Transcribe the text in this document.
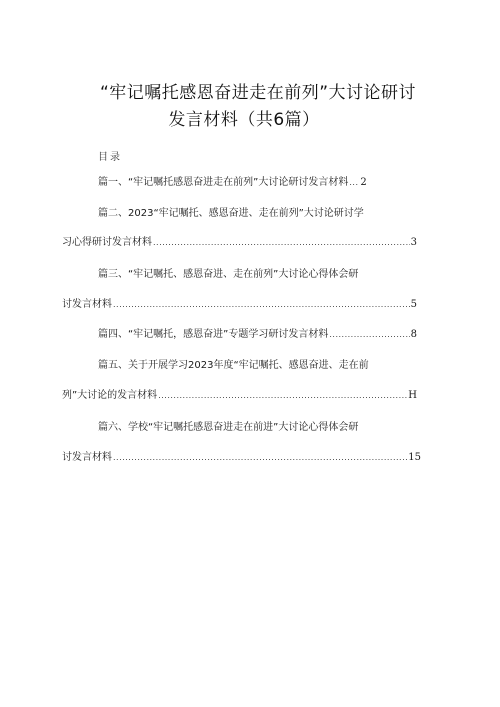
“牢记嘱托感恩奋进走在前列”大讨论研讨
发言材料（共6篇）
目录
篇一、“牢记嘱托感恩奋进走在前列”大讨论研讨发言材料 ..... 2
篇二、2023“牢记嘱托、感恩奋进、走在前列”大讨论研讨学
习心得研讨发言材料 .....	3
篇三、“牢记嘱托、感恩奋进、走在前列”大讨论心得体会研
讨发言材料 .....	5
篇四、“牢记嘱托，感恩奋进”专题学习研讨发言材料 .....	8
篇五、关于开展学习2023年度“牢记嘱托、感恩奋进、走在前
列”大讨论的发言材料 .....	H
篇六、学校“牢记嘱托感恩奋进走在前进”大讨论心得体会研
讨发言材料 .....	15
